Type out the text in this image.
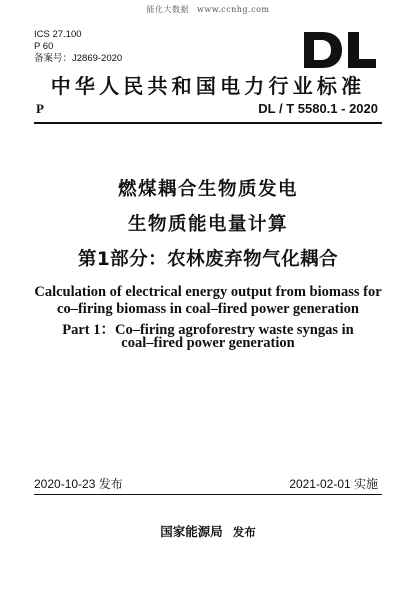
能化大数据 www.ccnhg.com
ICS 27.100
P 60
备案号：J2869-2020
中华人民共和国电力行业标准
P	DL / T 5580.1 - 2020
燃煤耦合生物质发电
生物质能电量计算
第1部分：农林废弃物气化耦合
Calculation of electrical energy output from biomass for
co–firing biomass in coal–fired power generation
Part 1：Co–firing agroforestry waste syngas in
coal–fired power generation
2020-10-23 发布	2021-02-01 实施
国家能源局 发布
